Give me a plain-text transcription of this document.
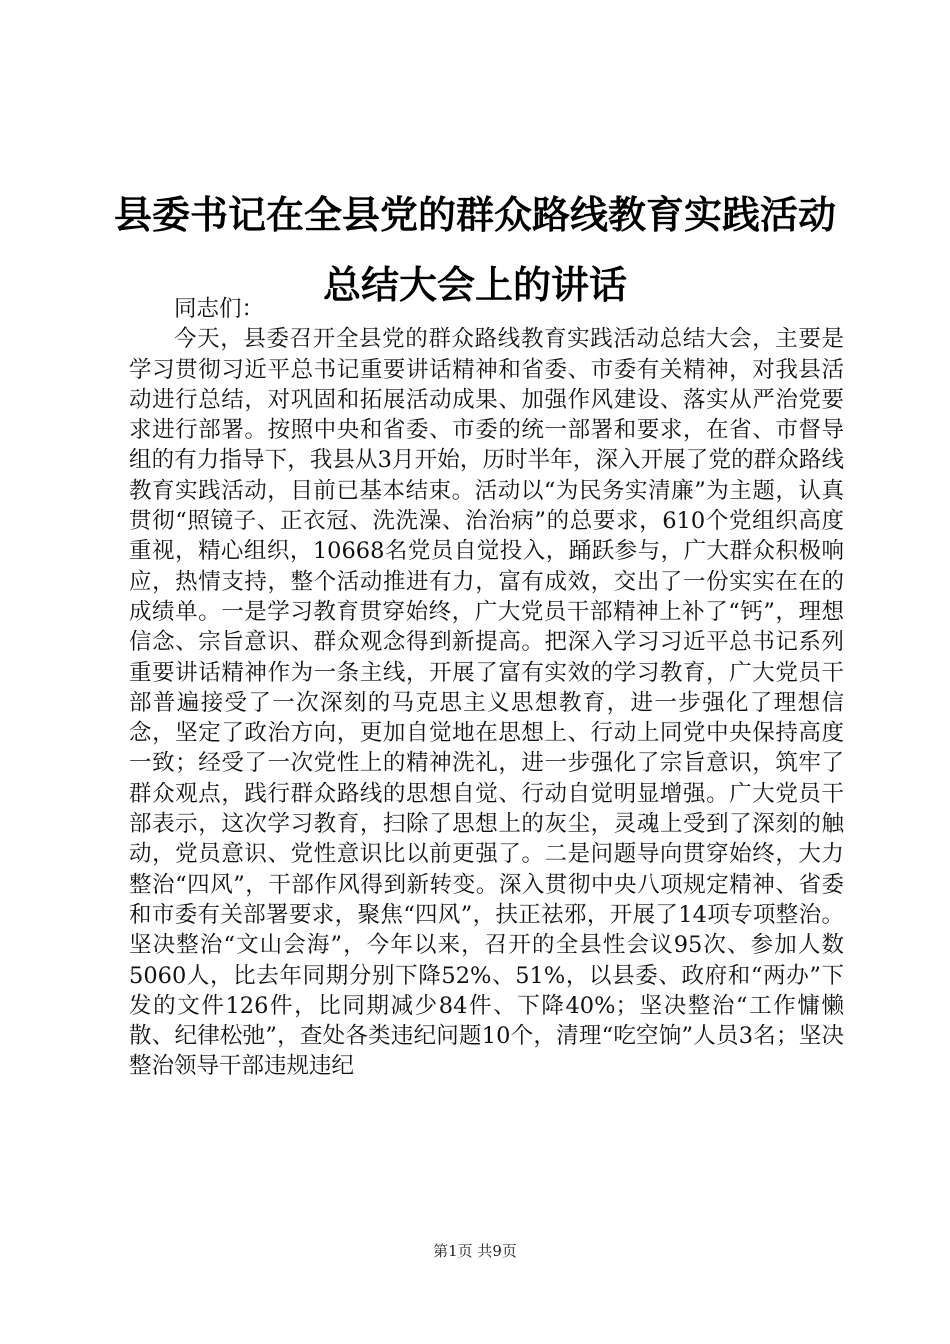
县委书记在全县党的群众路线教育实践活动总结大会上的讲话

同志们：

今天，县委召开全县党的群众路线教育实践活动总结大会，主要是学习贯彻习近平总书记重要讲话精神和省委、市委有关精神，对我县活动进行总结，对巩固和拓展活动成果、加强作风建设、落实从严治党要求进行部署。按照中央和省委、市委的统一部署和要求，在省、市督导组的有力指导下，我县从3月开始，历时半年，深入开展了党的群众路线教育实践活动，目前已基本结束。活动以“为民务实清廉”为主题，认真贯彻“照镜子、正衣冠、洗洗澡、治治病”的总要求，610个党组织高度重视，精心组织，10668名党员自觉投入，踊跃参与，广大群众积极响应，热情支持，整个活动推进有力，富有成效，交出了一份实实在在的成绩单。一是学习教育贯穿始终，广大党员干部精神上补了“钙”，理想信念、宗旨意识、群众观念得到新提高。把深入学习习近平总书记系列重要讲话精神作为一条主线，开展了富有实效的学习教育，广大党员干部普遍接受了一次深刻的马克思主义思想教育，进一步强化了理想信念，坚定了政治方向，更加自觉地在思想上、行动上同党中央保持高度一致；经受了一次党性上的精神洗礼，进一步强化了宗旨意识，筑牢了群众观点，践行群众路线的思想自觉、行动自觉明显增强。广大党员干部表示，这次学习教育，扫除了思想上的灰尘，灵魂上受到了深刻的触动，党员意识、党性意识比以前更强了。二是问题导向贯穿始终，大力整治“四风”，干部作风得到新转变。深入贯彻中央八项规定精神、省委和市委有关部署要求，聚焦“四风”，扶正祛邪，开展了14项专项整治。坚决整治“文山会海”，今年以来，召开的全县性会议95次、参加人数5060人，比去年同期分别下降52%、51%，以县委、政府和“两办”下发的文件126件，比同期减少84件、下降40%；坚决整治“工作慵懒散、纪律松弛”，查处各类违纪问题10个，清理“吃空饷”人员3名；坚决整治领导干部违规违纪

第1页 共9页
